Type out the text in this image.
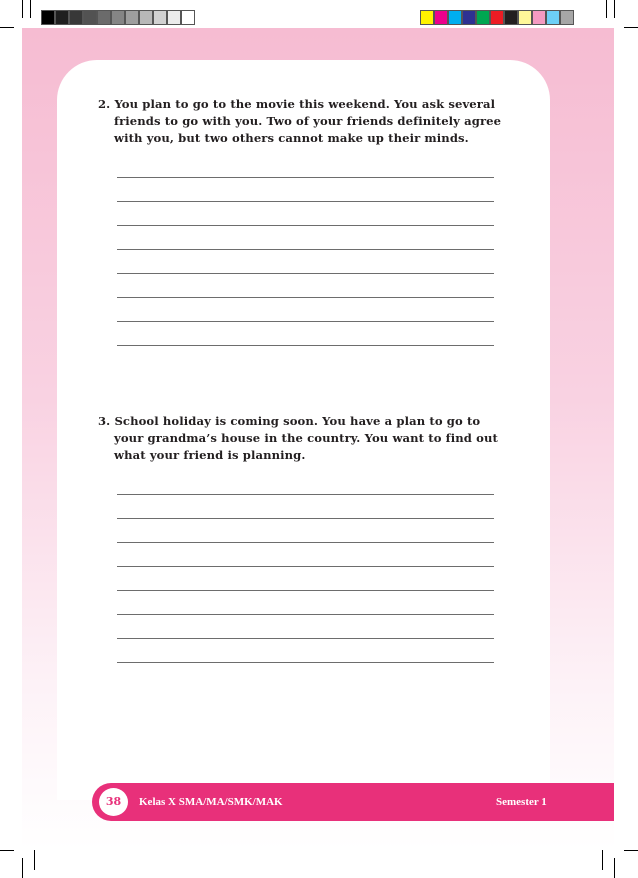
2. You plan to go to the movie this weekend. You ask several friends to go with you. Two of your friends definitely agree with you, but two others cannot make up their minds.

3. School holiday is coming soon. You have a plan to go to your grandma’s house in the country. You want to find out what your friend is planning.

38	Kelas X SMA/MA/SMK/MAK	Semester 1
